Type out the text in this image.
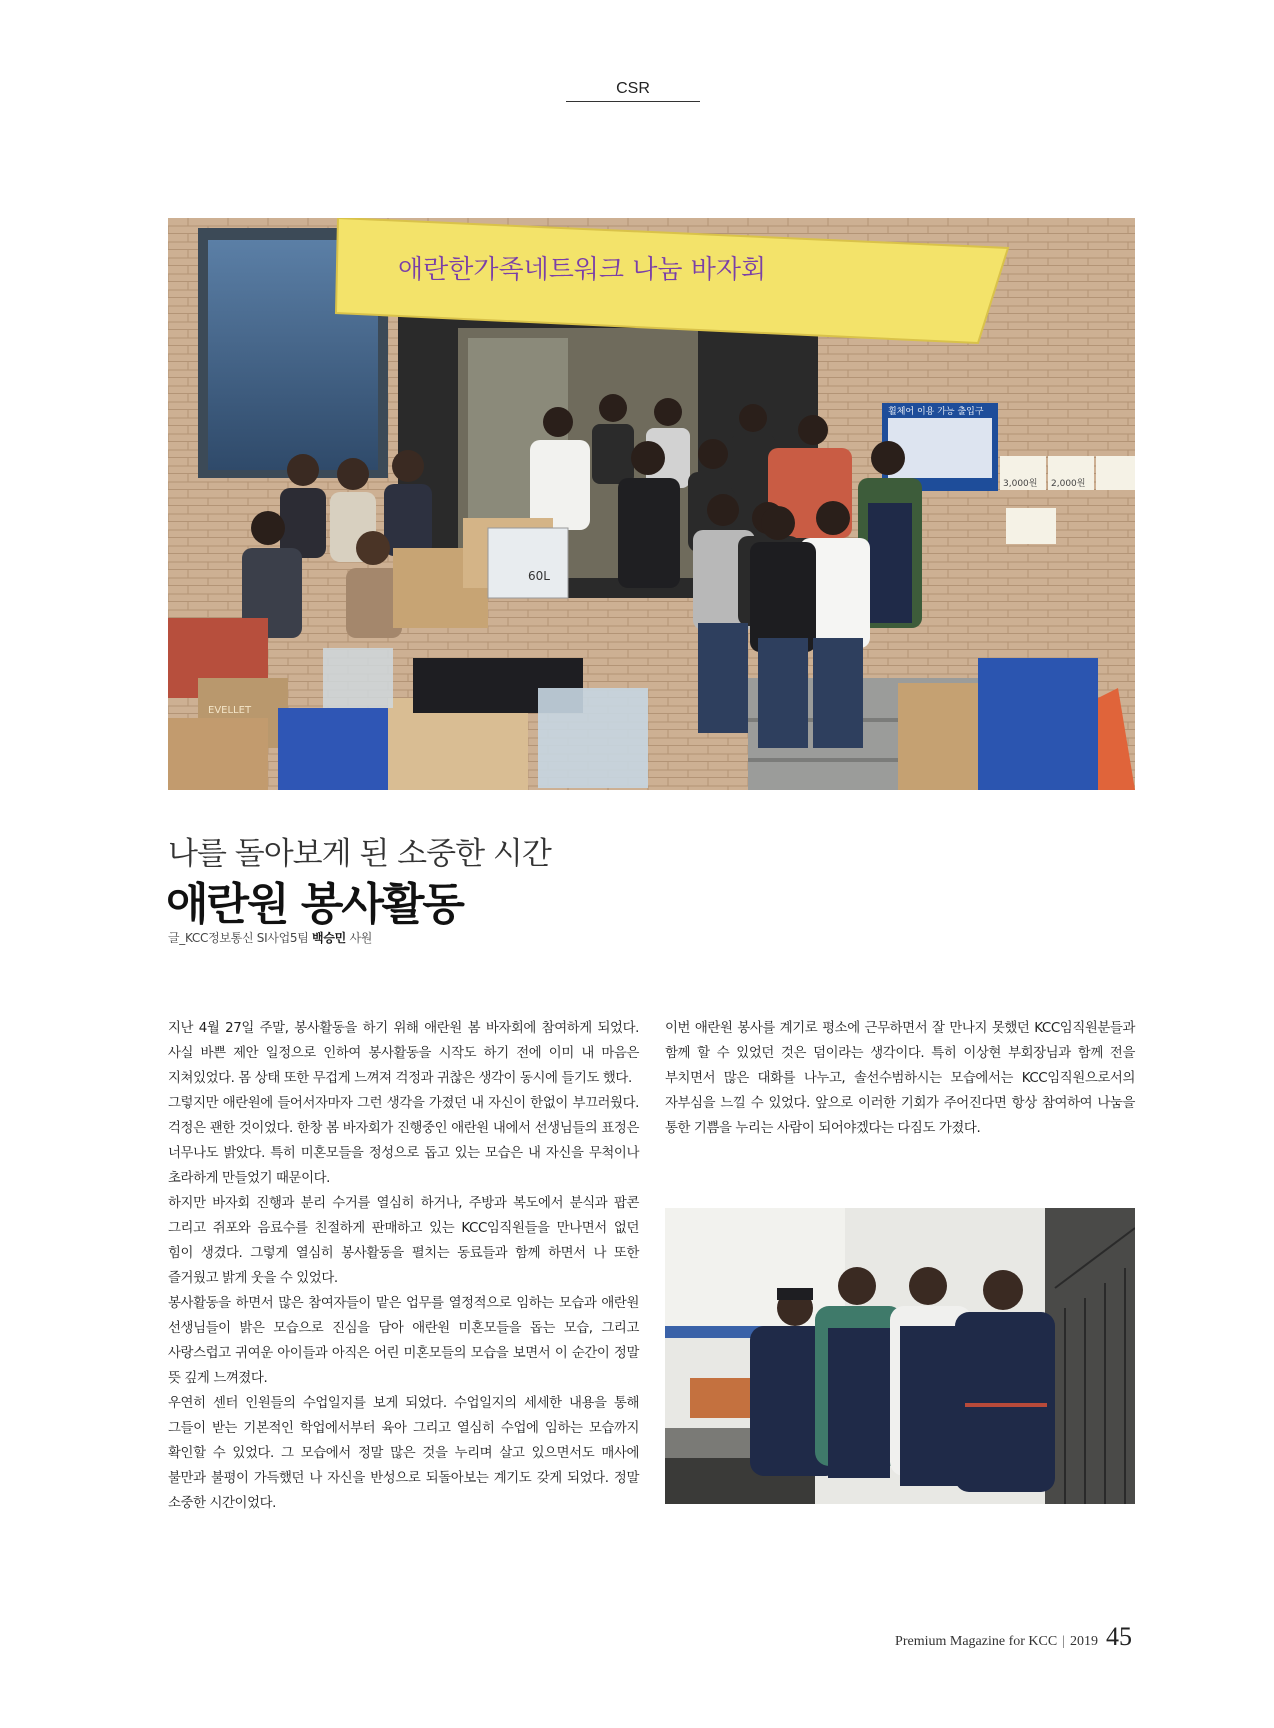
CSR
애란한가족네트워크 나눔 바자회
휠체어 이용 가능 출입구
3,000원 2,000원
60L
EVELLET
나를 돌아보게 된 소중한 시간
애란원 봉사활동
글_KCC정보통신 SI사업5팀 백승민 사원

지난 4월 27일 주말, 봉사활동을 하기 위해 애란원 봄 바자회에 참여하게 되었다. 사실 바쁜 제안 일정으로 인하여 봉사활동을 시작도 하기 전에 이미 내 마음은 지쳐있었다. 몸 상태 또한 무겁게 느껴져 걱정과 귀찮은 생각이 동시에 들기도 했다.

그렇지만 애란원에 들어서자마자 그런 생각을 가졌던 내 자신이 한없이 부끄러웠다. 걱정은 괜한 것이었다. 한창 봄 바자회가 진행중인 애란원 내에서 선생님들의 표정은 너무나도 밝았다. 특히 미혼모들을 정성으로 돕고 있는 모습은 내 자신을 무척이나 초라하게 만들었기 때문이다.

하지만 바자회 진행과 분리 수거를 열심히 하거나, 주방과 복도에서 분식과 팝콘 그리고 쥐포와 음료수를 친절하게 판매하고 있는 KCC임직원들을 만나면서 없던 힘이 생겼다. 그렇게 열심히 봉사활동을 펼치는 동료들과 함께 하면서 나 또한 즐거웠고 밝게 웃을 수 있었다.

봉사활동을 하면서 많은 참여자들이 맡은 업무를 열정적으로 임하는 모습과 애란원 선생님들이 밝은 모습으로 진심을 담아 애란원 미혼모들을 돕는 모습, 그리고 사랑스럽고 귀여운 아이들과 아직은 어린 미혼모들의 모습을 보면서 이 순간이 정말 뜻 깊게 느껴졌다.

우연히 센터 인원들의 수업일지를 보게 되었다. 수업일지의 세세한 내용을 통해 그들이 받는 기본적인 학업에서부터 육아 그리고 열심히 수업에 임하는 모습까지 확인할 수 있었다. 그 모습에서 정말 많은 것을 누리며 살고 있으면서도 매사에 불만과 불평이 가득했던 나 자신을 반성으로 되돌아보는 계기도 갖게 되었다. 정말 소중한 시간이었다.

이번 애란원 봉사를 계기로 평소에 근무하면서 잘 만나지 못했던 KCC임직원분들과 함께 할 수 있었던 것은 덤이라는 생각이다. 특히 이상현 부회장님과 함께 전을 부치면서 많은 대화를 나누고, 솔선수범하시는 모습에서는 KCC임직원으로서의 자부심을 느낄 수 있었다. 앞으로 이러한 기회가 주어진다면 항상 참여하여 나눔을 통한 기쁨을 누리는 사람이 되어야겠다는 다짐도 가졌다.

Premium Magazine for KCC | 2019 45
